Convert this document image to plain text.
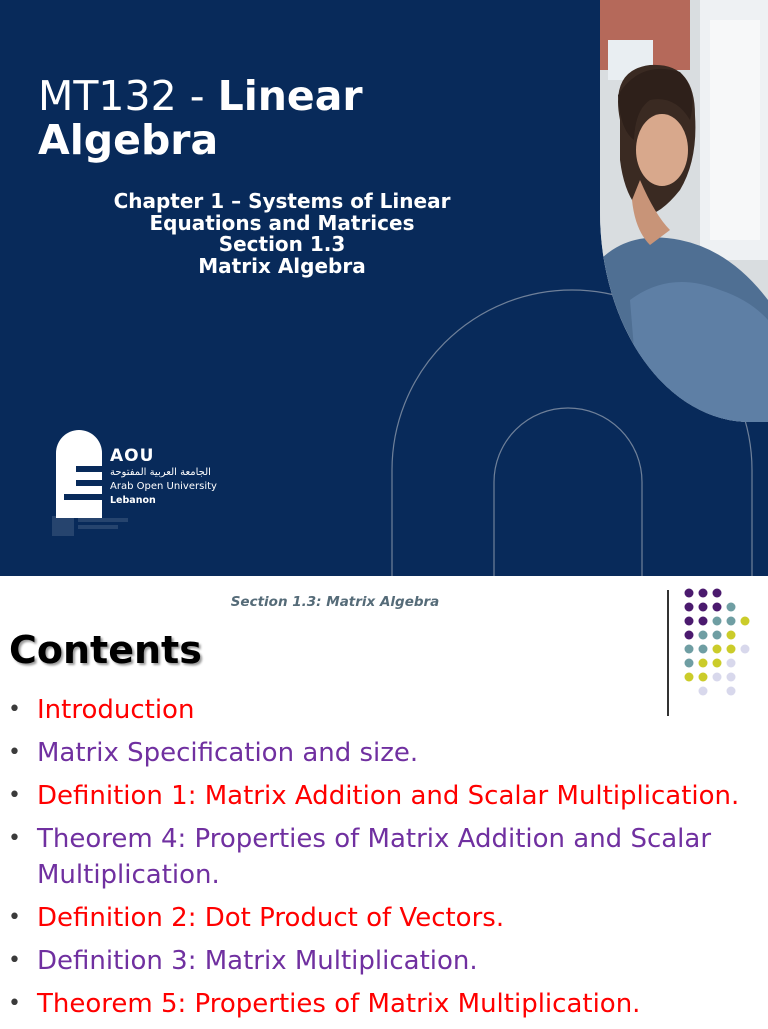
MT132 - Linear Algebra
Chapter 1 – Systems of Linear
Equations and Matrices
Section 1.3
Matrix Algebra
AOU
الجامعة العربية المفتوحة
Arab Open University
Lebanon
Section 1.3: Matrix Algebra
Contents
• Introduction
• Matrix Specification and size.
• Definition 1: Matrix Addition and Scalar Multiplication.
• Theorem 4: Properties of Matrix Addition and Scalar Multiplication.
• Definition 2: Dot Product of Vectors.
• Definition 3: Matrix Multiplication.
• Theorem 5: Properties of Matrix Multiplication.
